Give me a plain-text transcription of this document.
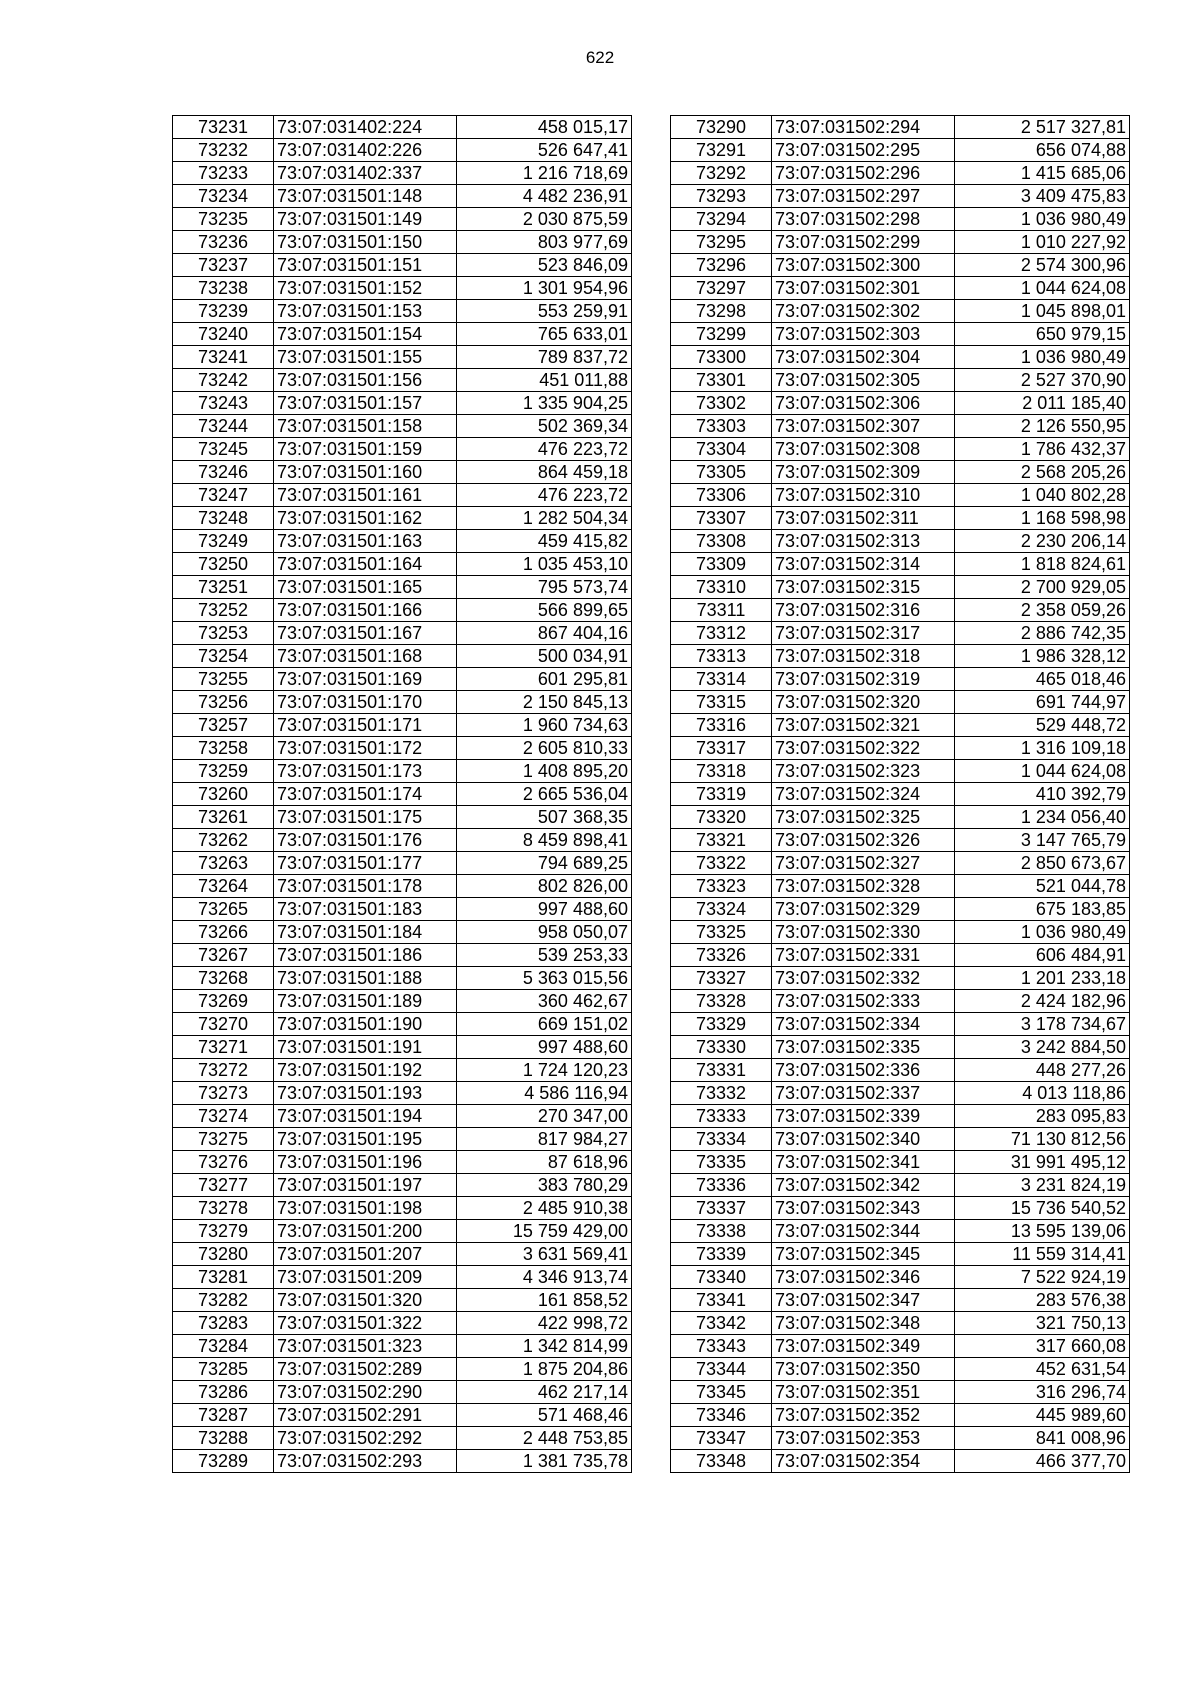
622
73231	73:07:031402:224	458 015,17
73232	73:07:031402:226	526 647,41
73233	73:07:031402:337	1 216 718,69
73234	73:07:031501:148	4 482 236,91
73235	73:07:031501:149	2 030 875,59
73236	73:07:031501:150	803 977,69
73237	73:07:031501:151	523 846,09
73238	73:07:031501:152	1 301 954,96
73239	73:07:031501:153	553 259,91
73240	73:07:031501:154	765 633,01
73241	73:07:031501:155	789 837,72
73242	73:07:031501:156	451 011,88
73243	73:07:031501:157	1 335 904,25
73244	73:07:031501:158	502 369,34
73245	73:07:031501:159	476 223,72
73246	73:07:031501:160	864 459,18
73247	73:07:031501:161	476 223,72
73248	73:07:031501:162	1 282 504,34
73249	73:07:031501:163	459 415,82
73250	73:07:031501:164	1 035 453,10
73251	73:07:031501:165	795 573,74
73252	73:07:031501:166	566 899,65
73253	73:07:031501:167	867 404,16
73254	73:07:031501:168	500 034,91
73255	73:07:031501:169	601 295,81
73256	73:07:031501:170	2 150 845,13
73257	73:07:031501:171	1 960 734,63
73258	73:07:031501:172	2 605 810,33
73259	73:07:031501:173	1 408 895,20
73260	73:07:031501:174	2 665 536,04
73261	73:07:031501:175	507 368,35
73262	73:07:031501:176	8 459 898,41
73263	73:07:031501:177	794 689,25
73264	73:07:031501:178	802 826,00
73265	73:07:031501:183	997 488,60
73266	73:07:031501:184	958 050,07
73267	73:07:031501:186	539 253,33
73268	73:07:031501:188	5 363 015,56
73269	73:07:031501:189	360 462,67
73270	73:07:031501:190	669 151,02
73271	73:07:031501:191	997 488,60
73272	73:07:031501:192	1 724 120,23
73273	73:07:031501:193	4 586 116,94
73274	73:07:031501:194	270 347,00
73275	73:07:031501:195	817 984,27
73276	73:07:031501:196	87 618,96
73277	73:07:031501:197	383 780,29
73278	73:07:031501:198	2 485 910,38
73279	73:07:031501:200	15 759 429,00
73280	73:07:031501:207	3 631 569,41
73281	73:07:031501:209	4 346 913,74
73282	73:07:031501:320	161 858,52
73283	73:07:031501:322	422 998,72
73284	73:07:031501:323	1 342 814,99
73285	73:07:031502:289	1 875 204,86
73286	73:07:031502:290	462 217,14
73287	73:07:031502:291	571 468,46
73288	73:07:031502:292	2 448 753,85
73289	73:07:031502:293	1 381 735,78
73290	73:07:031502:294	2 517 327,81
73291	73:07:031502:295	656 074,88
73292	73:07:031502:296	1 415 685,06
73293	73:07:031502:297	3 409 475,83
73294	73:07:031502:298	1 036 980,49
73295	73:07:031502:299	1 010 227,92
73296	73:07:031502:300	2 574 300,96
73297	73:07:031502:301	1 044 624,08
73298	73:07:031502:302	1 045 898,01
73299	73:07:031502:303	650 979,15
73300	73:07:031502:304	1 036 980,49
73301	73:07:031502:305	2 527 370,90
73302	73:07:031502:306	2 011 185,40
73303	73:07:031502:307	2 126 550,95
73304	73:07:031502:308	1 786 432,37
73305	73:07:031502:309	2 568 205,26
73306	73:07:031502:310	1 040 802,28
73307	73:07:031502:311	1 168 598,98
73308	73:07:031502:313	2 230 206,14
73309	73:07:031502:314	1 818 824,61
73310	73:07:031502:315	2 700 929,05
73311	73:07:031502:316	2 358 059,26
73312	73:07:031502:317	2 886 742,35
73313	73:07:031502:318	1 986 328,12
73314	73:07:031502:319	465 018,46
73315	73:07:031502:320	691 744,97
73316	73:07:031502:321	529 448,72
73317	73:07:031502:322	1 316 109,18
73318	73:07:031502:323	1 044 624,08
73319	73:07:031502:324	410 392,79
73320	73:07:031502:325	1 234 056,40
73321	73:07:031502:326	3 147 765,79
73322	73:07:031502:327	2 850 673,67
73323	73:07:031502:328	521 044,78
73324	73:07:031502:329	675 183,85
73325	73:07:031502:330	1 036 980,49
73326	73:07:031502:331	606 484,91
73327	73:07:031502:332	1 201 233,18
73328	73:07:031502:333	2 424 182,96
73329	73:07:031502:334	3 178 734,67
73330	73:07:031502:335	3 242 884,50
73331	73:07:031502:336	448 277,26
73332	73:07:031502:337	4 013 118,86
73333	73:07:031502:339	283 095,83
73334	73:07:031502:340	71 130 812,56
73335	73:07:031502:341	31 991 495,12
73336	73:07:031502:342	3 231 824,19
73337	73:07:031502:343	15 736 540,52
73338	73:07:031502:344	13 595 139,06
73339	73:07:031502:345	11 559 314,41
73340	73:07:031502:346	7 522 924,19
73341	73:07:031502:347	283 576,38
73342	73:07:031502:348	321 750,13
73343	73:07:031502:349	317 660,08
73344	73:07:031502:350	452 631,54
73345	73:07:031502:351	316 296,74
73346	73:07:031502:352	445 989,60
73347	73:07:031502:353	841 008,96
73348	73:07:031502:354	466 377,70
